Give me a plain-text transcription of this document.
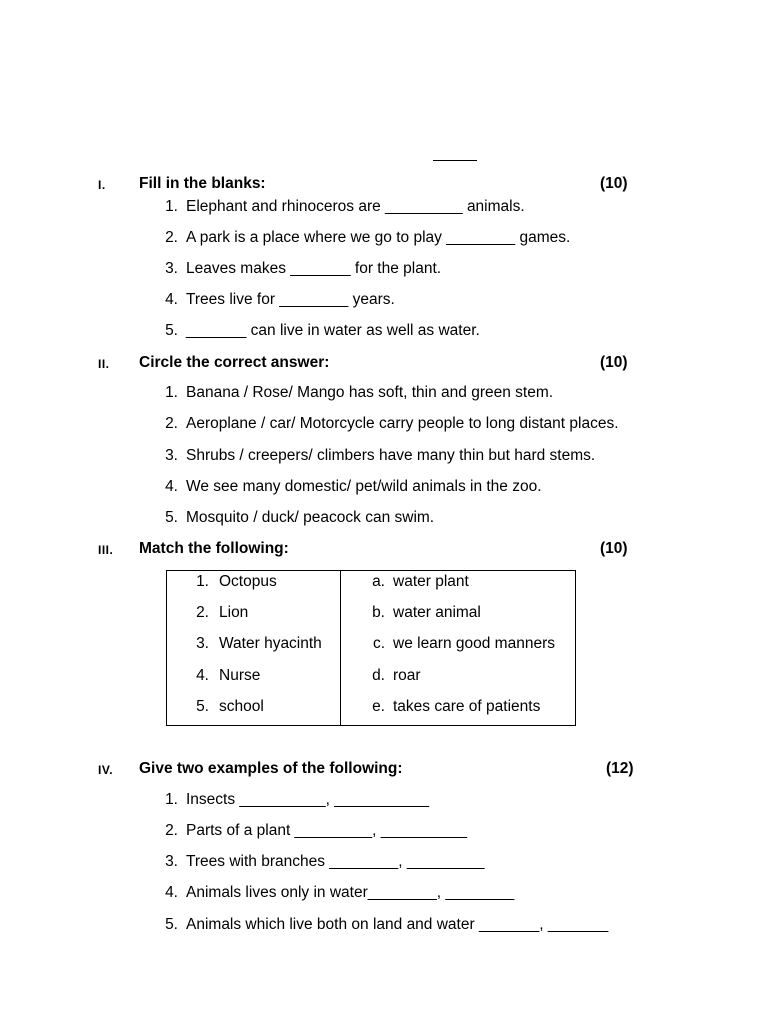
I. Fill in the blanks:	(10)
1. Elephant and rhinoceros are _________ animals.
2. A park is a place where we go to play ________ games.
3. Leaves makes _______ for the plant.
4. Trees live for ________ years.
5. _______ can live in water as well as water.
II. Circle the correct answer:	(10)
1. Banana / Rose/ Mango has soft, thin and green stem.
2. Aeroplane / car/ Motorcycle carry people to long distant places.
3. Shrubs / creepers/ climbers have many thin but hard stems.
4. We see many domestic/ pet/wild animals in the zoo.
5. Mosquito / duck/ peacock can swim.
III. Match the following:	(10)
1. Octopus	a. water plant
2. Lion	b. water animal
3. Water hyacinth	c. we learn good manners
4. Nurse	d. roar
5. school	e. takes care of patients
IV. Give two examples of the following:	(12)
1. Insects __________, ___________
2. Parts of a plant _________, __________
3. Trees with branches ________, _________
4. Animals lives only in water________, ________
5. Animals which live both on land and water _______, _______
